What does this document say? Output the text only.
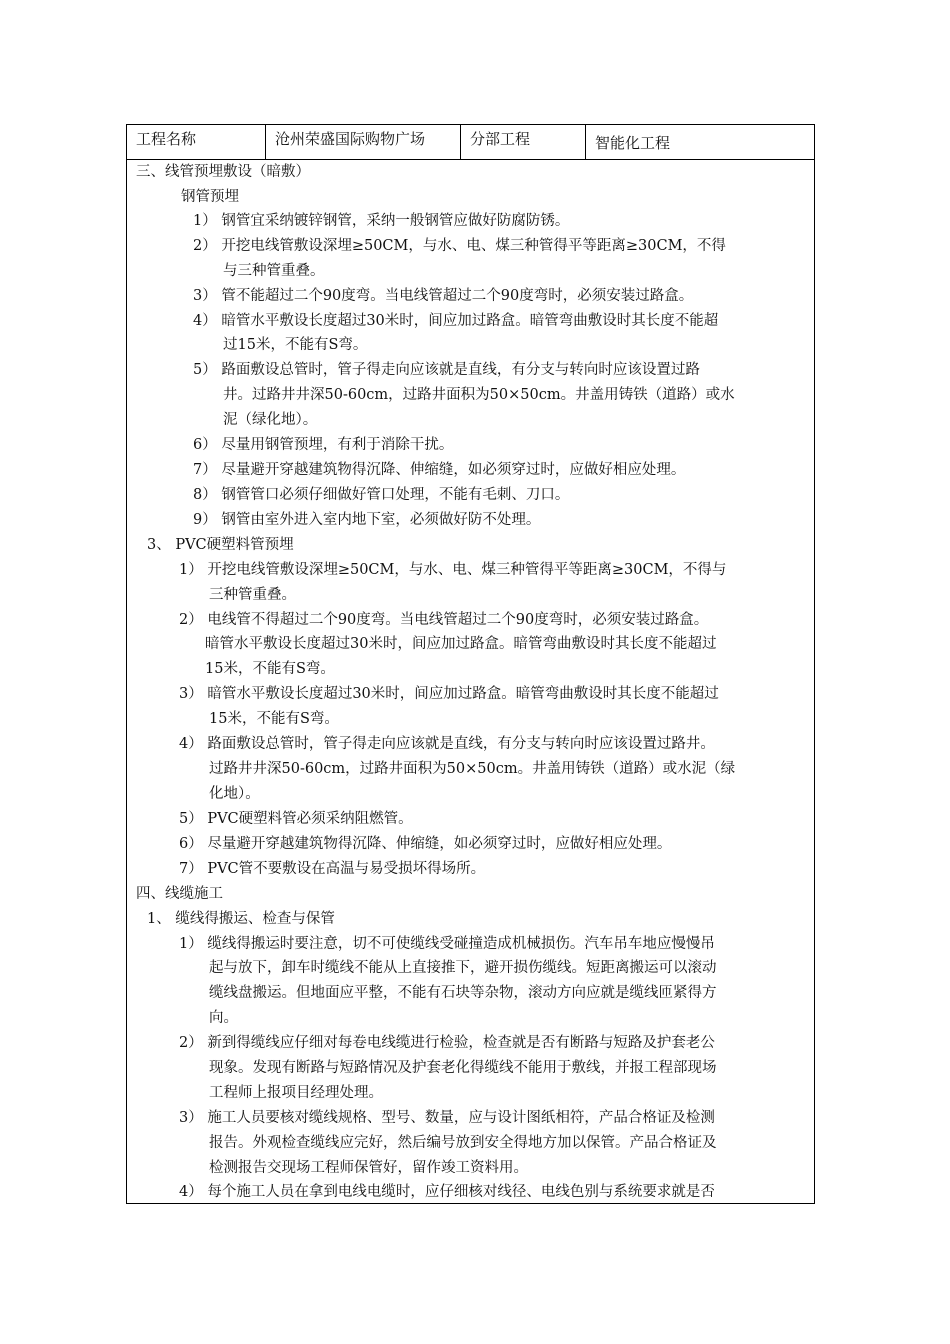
工程名称	沧州荣盛国际购物广场	分部工程	智能化工程
三、线管预埋敷设（暗敷）
钢管预埋
1） 钢管宜采纳镀锌钢管，采纳一般钢管应做好防腐防锈。
2） 开挖电线管敷设深埋≥50CM，与水、电、煤三种管得平等距离≥30CM，不得
与三种管重叠。
3） 管不能超过二个90度弯。当电线管超过二个90度弯时，必须安装过路盒。
4） 暗管水平敷设长度超过30米时，间应加过路盒。暗管弯曲敷设时其长度不能超
过15米，不能有S弯。
5） 路面敷设总管时，管子得走向应该就是直线，有分支与转向时应该设置过路
井。过路井井深50-60cm，过路井面积为50×50cm。井盖用铸铁（道路）或水
泥（绿化地）。
6） 尽量用钢管预埋，有利于消除干扰。
7） 尽量避开穿越建筑物得沉降、伸缩缝，如必须穿过时，应做好相应处理。
8） 钢管管口必须仔细做好管口处理，不能有毛刺、刀口。
9） 钢管由室外进入室内地下室，必须做好防不处理。
3、 PVC硬塑料管预埋
1） 开挖电线管敷设深埋≥50CM，与水、电、煤三种管得平等距离≥30CM，不得与
三种管重叠。
2） 电线管不得超过二个90度弯。当电线管超过二个90度弯时，必须安装过路盒。
暗管水平敷设长度超过30米时，间应加过路盒。暗管弯曲敷设时其长度不能超过
15米，不能有S弯。
3） 暗管水平敷设长度超过30米时，间应加过路盒。暗管弯曲敷设时其长度不能超过
15米，不能有S弯。
4） 路面敷设总管时，管子得走向应该就是直线，有分支与转向时应该设置过路井。
过路井井深50-60cm，过路井面积为50×50cm。井盖用铸铁（道路）或水泥（绿
化地）。
5） PVC硬塑料管必须采纳阻燃管。
6） 尽量避开穿越建筑物得沉降、伸缩缝，如必须穿过时，应做好相应处理。
7） PVC管不要敷设在高温与易受损坏得场所。
四、线缆施工
1、 缆线得搬运、检查与保管
1） 缆线得搬运时要注意，切不可使缆线受碰撞造成机械损伤。汽车吊车地应慢慢吊
起与放下，卸车时缆线不能从上直接推下，避开损伤缆线。短距离搬运可以滚动
缆线盘搬运。但地面应平整，不能有石块等杂物，滚动方向应就是缆线匝紧得方
向。
2） 新到得缆线应仔细对每卷电线缆进行检验，检查就是否有断路与短路及护套老公
现象。发现有断路与短路情况及护套老化得缆线不能用于敷线，并报工程部现场
工程师上报项目经理处理。
3） 施工人员要核对缆线规格、型号、数量，应与设计图纸相符，产品合格证及检测
报告。外观检查缆线应完好，然后编号放到安全得地方加以保管。产品合格证及
检测报告交现场工程师保管好，留作竣工资料用。
4） 每个施工人员在拿到电线电缆时，应仔细核对线径、电线色别与系统要求就是否
